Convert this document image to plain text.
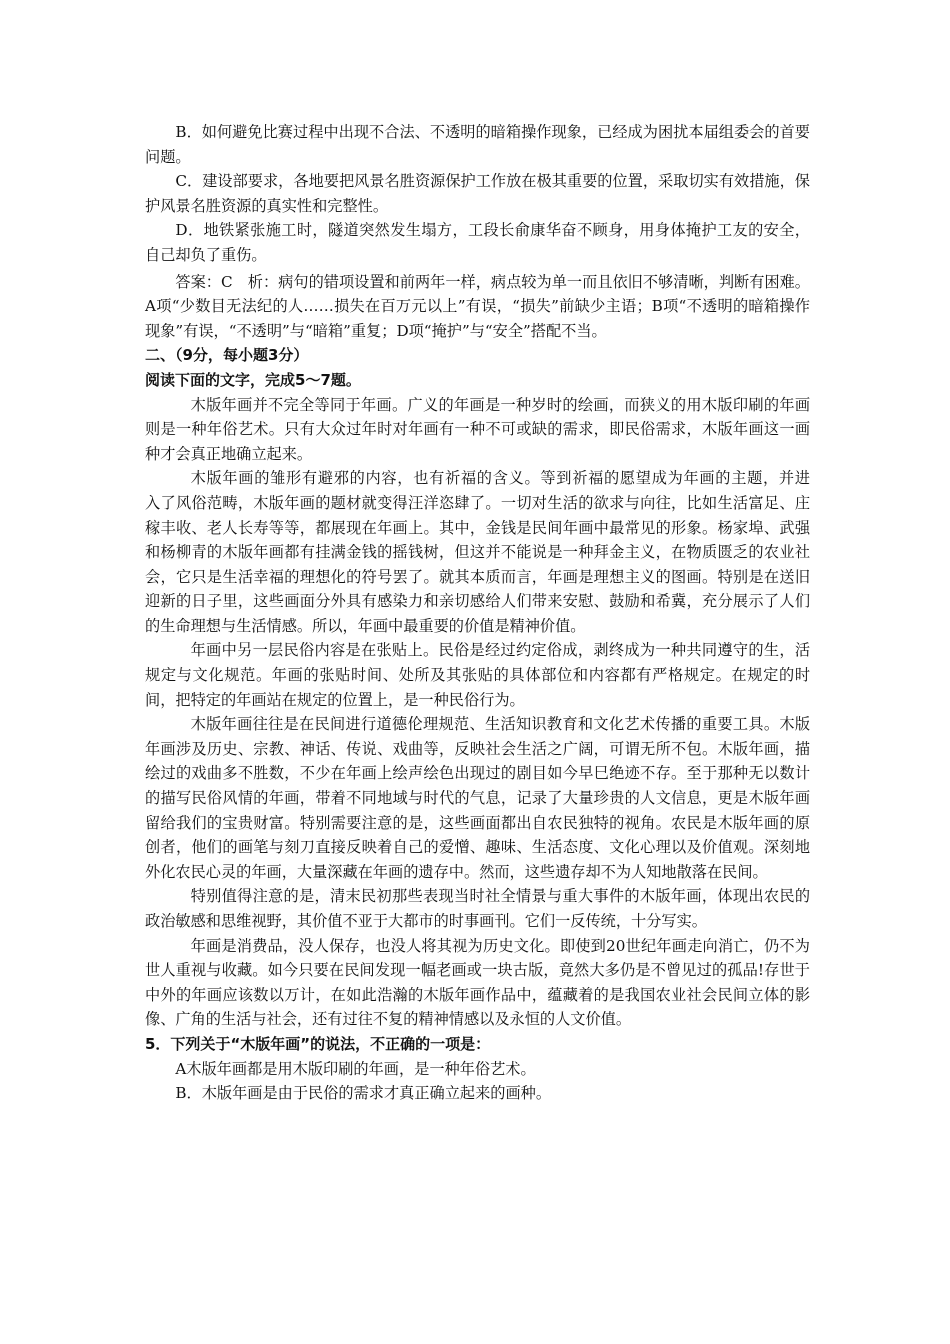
B．如何避免比赛过程中出现不合法、不透明的暗箱操作现象，已经成为困扰本届组委会的首要问题。

C．建设部要求，各地要把风景名胜资源保护工作放在极其重要的位置，采取切实有效措施，保护风景名胜资源的真实性和完整性。

D．地铁紧张施工时，隧道突然发生塌方，工段长俞康华奋不顾身，用身体掩护工友的安全，自己却负了重伤。

答案：C　析：病句的错项设置和前两年一样，病点较为单一而且依旧不够清晰，判断有困难。A项“少数目无法纪的人……损失在百万元以上”有误，“损失”前缺少主语；B项“不透明的暗箱操作现象”有误，“不透明”与“暗箱”重复；D项“掩护”与“安全”搭配不当。

二、（9分，每小题3分）

阅读下面的文字，完成5～7题。

木版年画并不完全等同于年画。广义的年画是一种岁时的绘画，而狭义的用木版印刷的年画则是一种年俗艺术。只有大众过年时对年画有一种不可或缺的需求，即民俗需求，木版年画这一画种才会真正地确立起来。

木版年画的雏形有避邪的内容，也有祈福的含义。等到祈福的愿望成为年画的主题，并进　入了风俗范畴，木版年画的题材就变得汪洋恣肆了。一切对生活的欲求与向往，比如生活富足、庄稼丰收、老人长寿等等，都展现在年画上。其中，金钱是民间年画中最常见的形象。杨家埠、武强和杨柳青的木版年画都有挂满金钱的摇钱树，但这并不能说是一种拜金主义，在物质匮乏的农业社会，它只是生活幸福的理想化的符号罢了。就其本质而言，年画是理想主义的图画。特别是在送旧迎新的日子里，这些画面分外具有感染力和亲切感给人们带来安慰、鼓励和希冀，充分展示了人们的生命理想与生活情感。所以，年画中最重要的价值是精神价值。

年画中另一层民俗内容是在张贴上。民俗是经过约定俗成，剥终成为一种共同遵守的生，活规定与文化规范。年画的张贴时间、处所及其张贴的具体部位和内容都有严格规定。在规定的时间，把特定的年画站在规定的位置上，是一种民俗行为。

木版年画往往是在民间进行道德伦理规范、生活知识教育和文化艺术传播的重要工具。木版年画涉及历史、宗教、神话、传说、戏曲等，反映社会生活之广阔，可谓无所不包。木版年画，描绘过的戏曲多不胜数，不少在年画上绘声绘色出现过的剧目如今早巳绝迹不存。至于那种无以数计的描写民俗风情的年画，带着不同地域与时代的气息，记录了大量珍贵的人文信息，更是木版年画留给我们的宝贵财富。特别需要注意的是，这些画面都出自农民独特的视角。农民是木版年画的原创者，他们的画笔与刻刀直接反映着自己的爱憎、趣味、生活态度、文化心理以及价值观。深刻地外化农民心灵的年画，大量深藏在年画的遗存中。然而，这些遗存却不为人知地散落在民间。

特别值得注意的是，清末民初那些表现当时社全情景与重大事件的木版年画，体现出农民的政治敏感和思维视野，其价值不亚于大都市的时事画刊。它们一反传统，十分写实。

年画是消费品，没人保存，也没人将其视为历史文化。即使到20世纪年画走向消亡，仍不为世人重视与收藏。如今只要在民间发现一幅老画或一块古版，竟然大多仍是不曾见过的孤品!存世于中外的年画应该数以万计，在如此浩瀚的木版年画作品中，蕴藏着的是我国农业社会民间立体的影像、广角的生活与社会，还有过往不复的精神情感以及永恒的人文价值。

5．下列关于“木版年画”的说法，不正确的一项是：

A木版年画都是用木版印刷的年画，是一种年俗艺术。

B．木版年画是由于民俗的需求才真正确立起来的画种。
